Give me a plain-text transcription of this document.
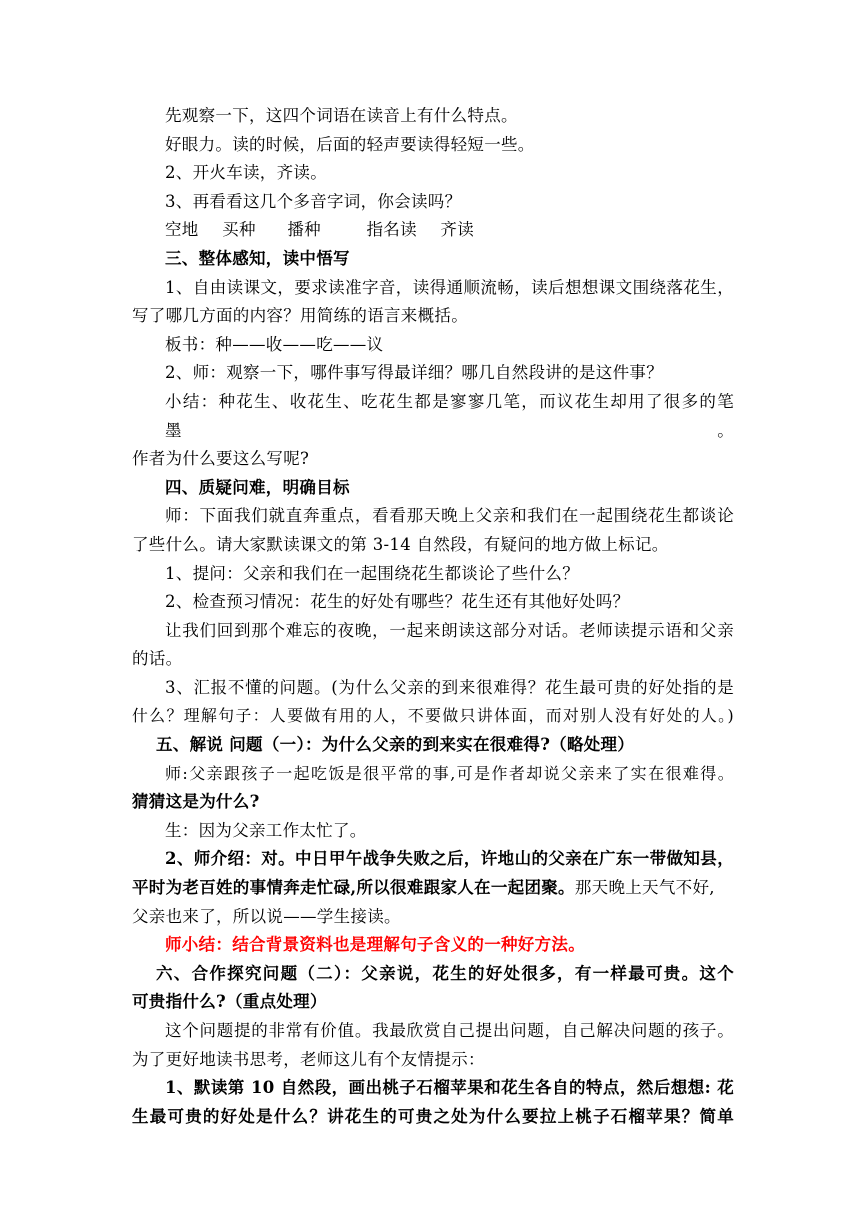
先观察一下，这四个词语在读音上有什么特点。
好眼力。读的时候，后面的轻声要读得轻短一些。
2、开火车读，齐读。
3、再看看这几个多音字词，你会读吗？
空地 买种 播种	指名读 齐读
三、整体感知，读中悟写
1、自由读课文，要求读准字音，读得通顺流畅，读后想想课文围绕落花生，
写了哪几方面的内容？用简练的语言来概括。
板书：种——收——吃——议
2、师：观察一下，哪件事写得最详细？哪几自然段讲的是这件事？
小结：种花生、收花生、吃花生都是寥寥几笔，而议花生却用了很多的笔墨。
作者为什么要这么写呢?
四、质疑问难，明确目标
师：下面我们就直奔重点，看看那天晚上父亲和我们在一起围绕花生都谈论
了些什么。请大家默读课文的第 3-14 自然段，有疑问的地方做上标记。
1、提问：父亲和我们在一起围绕花生都谈论了些什么？
2、检查预习情况：花生的好处有哪些？花生还有其他好处吗？
让我们回到那个难忘的夜晚，一起来朗读这部分对话。老师读提示语和父亲
的话。
3、汇报不懂的问题。(为什么父亲的到来很难得？花生最可贵的好处指的是
什么？理解句子：人要做有用的人，不要做只讲体面，而对别人没有好处的人。)
五、解说 问题（一）：为什么父亲的到来实在很难得?（略处理）
师:父亲跟孩子一起吃饭是很平常的事,可是作者却说父亲来了实在很难得。
猜猜这是为什么?
生：因为父亲工作太忙了。
2、师介绍：对。中日甲午战争失败之后，许地山的父亲在广东一带做知县，
平时为老百姓的事情奔走忙碌,所以很难跟家人在一起团聚。那天晚上天气不好,
父亲也来了，所以说——学生接读。
师小结：结合背景资料也是理解句子含义的一种好方法。
六、合作探究问题（二）：父亲说，花生的好处很多，有一样最可贵。这个
可贵指什么?（重点处理）
这个问题提的非常有价值。我最欣赏自己提出问题，自己解决问题的孩子。
为了更好地读书思考，老师这儿有个友情提示：
1、默读第 10 自然段，画出桃子石榴苹果和花生各自的特点，然后想想: 花
生最可贵的好处是什么？讲花生的可贵之处为什么要拉上桃子石榴苹果？简单
